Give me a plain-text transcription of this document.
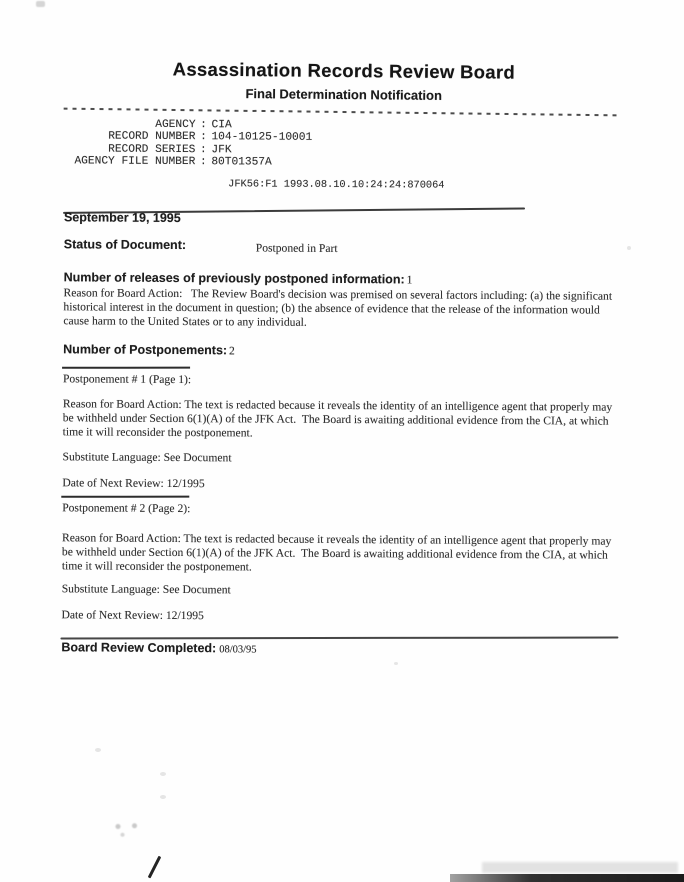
Assassination Records Review Board
Final Determination Notification
AGENCY : CIA
RECORD NUMBER : 104-10125-10001
RECORD SERIES : JFK
AGENCY FILE NUMBER : 80T01357A
JFK56:F1 1993.08.10.10:24:24:870064
September 19, 1995
Status of Document:	Postponed in Part
Number of releases of previously postponed information: 1
Reason for Board Action:   The Review Board's decision was premised on several factors including: (a) the significant historical interest in the document in question; (b) the absence of evidence that the release of the information would cause harm to the United States or to any individual.
Number of Postponements: 2
Postponement # 1 (Page 1):
Reason for Board Action: The text is redacted because it reveals the identity of an intelligence agent that properly may be withheld under Section 6(1)(A) of the JFK Act.  The Board is awaiting additional evidence from the CIA, at which time it will reconsider the postponement.
Substitute Language: See Document
Date of Next Review: 12/1995
Postponement # 2 (Page 2):
Reason for Board Action: The text is redacted because it reveals the identity of an intelligence agent that properly may be withheld under Section 6(1)(A) of the JFK Act.  The Board is awaiting additional evidence from the CIA, at which time it will reconsider the postponement.
Substitute Language: See Document
Date of Next Review: 12/1995
Board Review Completed: 08/03/95
